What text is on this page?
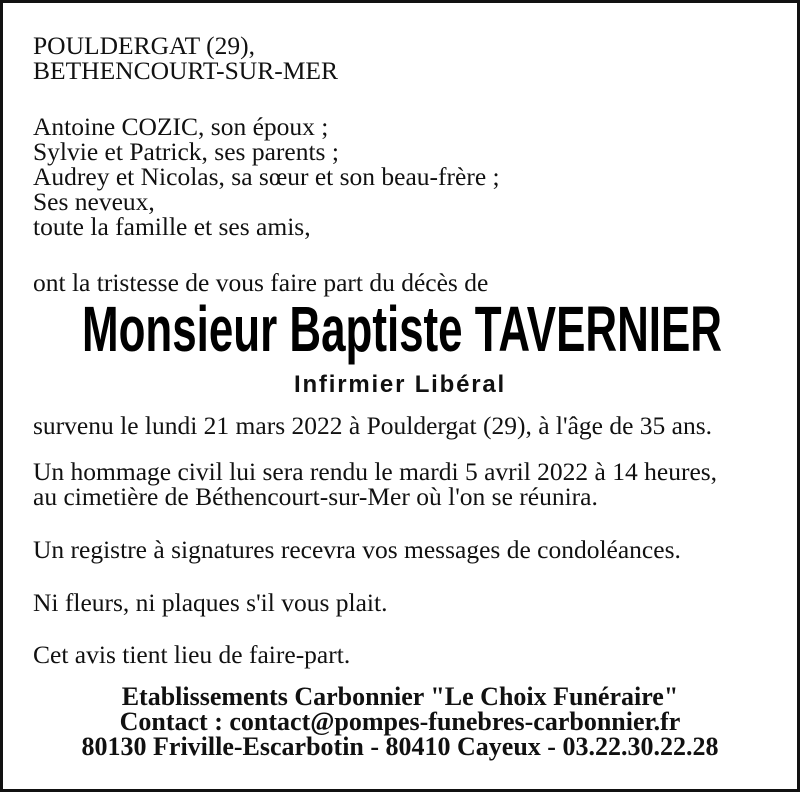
POULDERGAT (29),
BETHENCOURT-SUR-MER
Antoine COZIC, son époux ;
Sylvie et Patrick, ses parents ;
Audrey et Nicolas, sa sœur et son beau-frère ;
Ses neveux,
toute la famille et ses amis,
ont la tristesse de vous faire part du décès de
Monsieur Baptiste TAVERNIER
Infirmier Libéral
survenu le lundi 21 mars 2022 à Pouldergat (29), à l'âge de 35 ans.
Un hommage civil lui sera rendu le mardi 5 avril 2022 à 14 heures,
au cimetière de Béthencourt-sur-Mer où l'on se réunira.
Un registre à signatures recevra vos messages de condoléances.
Ni fleurs, ni plaques s'il vous plait.
Cet avis tient lieu de faire-part.
Etablissements Carbonnier "Le Choix Funéraire"
Contact : contact@pompes-funebres-carbonnier.fr
80130 Friville-Escarbotin - 80410 Cayeux - 03.22.30.22.28
